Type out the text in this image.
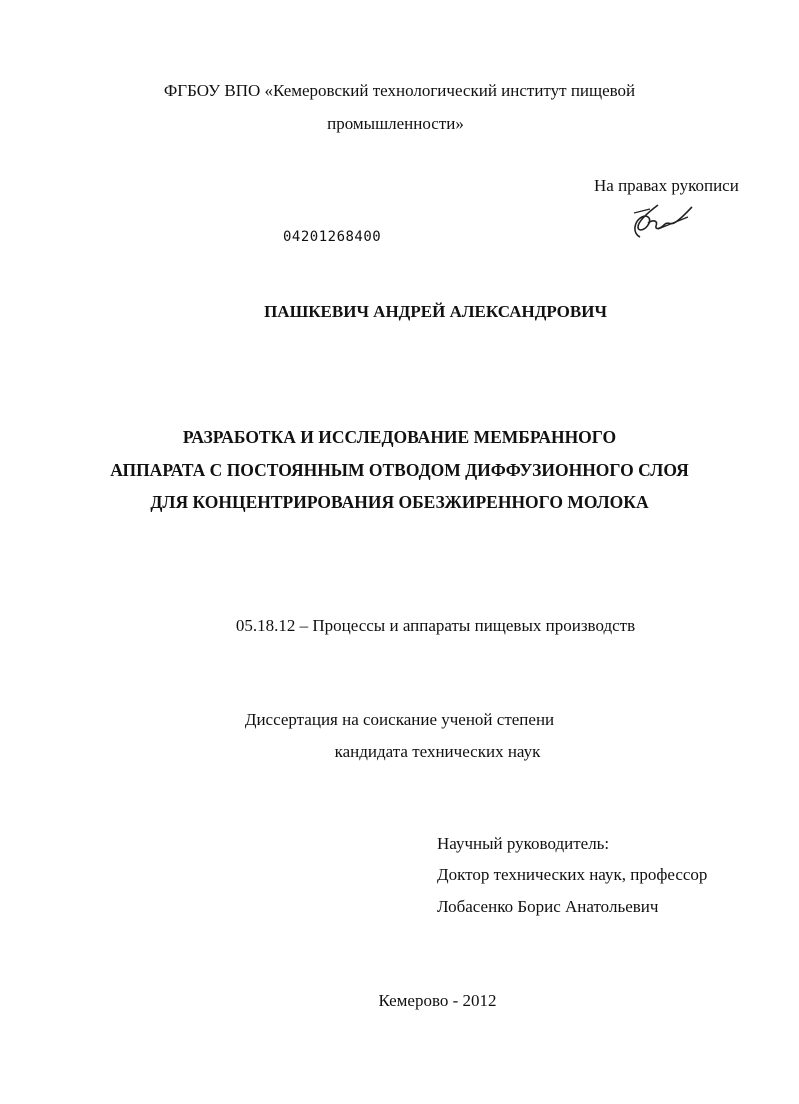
ФГБОУ ВПО «Кемеровский технологический институт пищевой
промышленности»
На правах рукописи
04201268400
ПАШКЕВИЧ АНДРЕЙ АЛЕКСАНДРОВИЧ
РАЗРАБОТКА И ИССЛЕДОВАНИЕ МЕМБРАННОГО
АППАРАТА С ПОСТОЯННЫМ ОТВОДОМ ДИФФУЗИОННОГО СЛОЯ
ДЛЯ КОНЦЕНТРИРОВАНИЯ ОБЕЗЖИРЕННОГО МОЛОКА
05.18.12 – Процессы и аппараты пищевых производств
Диссертация на соискание ученой степени
кандидата технических наук
Научный руководитель:
Доктор технических наук, профессор
Лобасенко Борис Анатольевич
Кемерово - 2012
